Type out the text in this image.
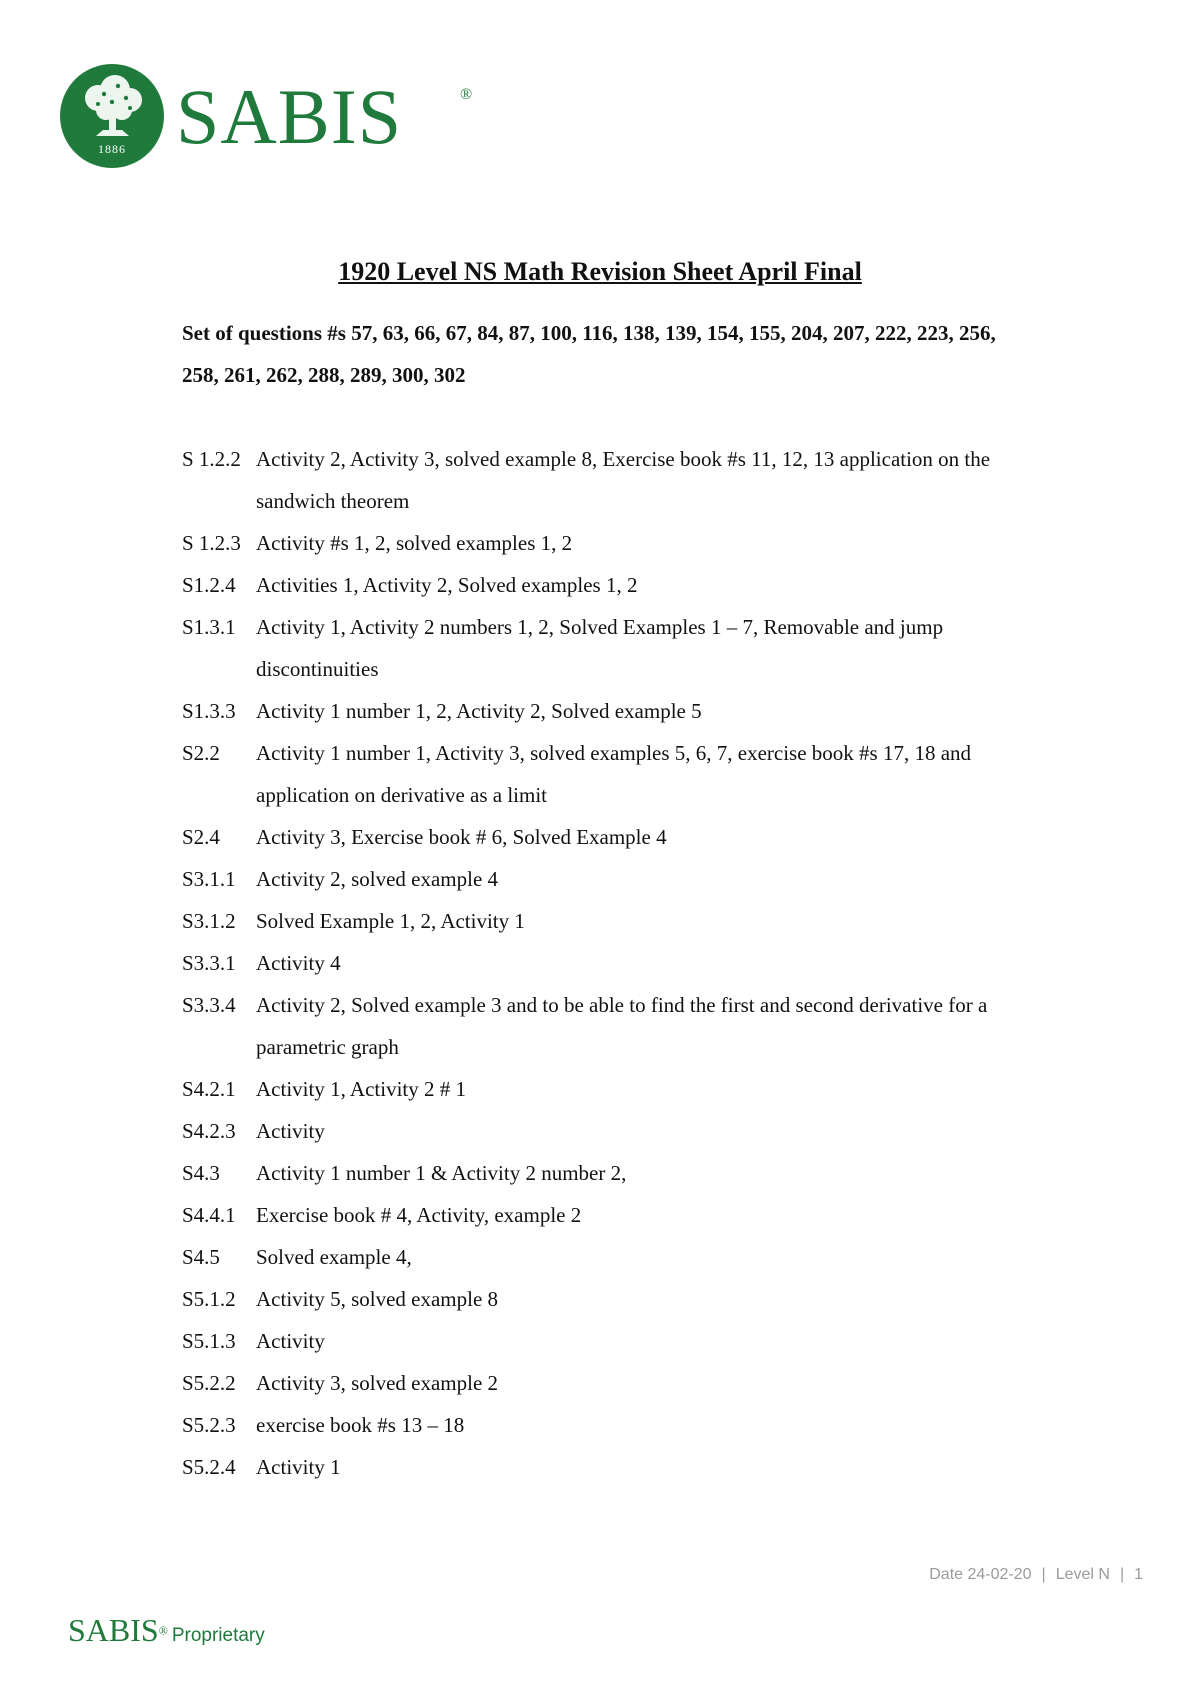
1886 SABIS	®
1920 Level NS Math Revision Sheet April Final
Set of questions #s 57, 63, 66, 67, 84, 87, 100, 116, 138, 139, 154, 155, 204, 207, 222, 223, 256, 258, 261, 262, 288, 289, 300, 302
S 1.2.2 Activity 2, Activity 3, solved example 8, Exercise book #s 11, 12, 13 application on the sandwich theorem
S 1.2.3 Activity #s 1, 2, solved examples 1, 2
S1.2.4 Activities 1, Activity 2, Solved examples 1, 2
S1.3.1 Activity 1, Activity 2 numbers 1, 2, Solved Examples 1 – 7, Removable and jump discontinuities
S1.3.3 Activity 1 number 1, 2, Activity 2, Solved example 5
S2.2	Activity 1 number 1, Activity 3, solved examples 5, 6, 7, exercise book #s 17, 18 and application on derivative as a limit
S2.4	Activity 3, Exercise book # 6, Solved Example 4
S3.1.1 Activity 2, solved example 4
S3.1.2 Solved Example 1, 2, Activity 1
S3.3.1 Activity 4
S3.3.4 Activity 2, Solved example 3 and to be able to find the first and second derivative for a parametric graph
S4.2.1 Activity 1, Activity 2 # 1
S4.2.3 Activity
S4.3	Activity 1 number 1 & Activity 2 number 2,
S4.4.1 Exercise book # 4, Activity, example 2
S4.5	Solved example 4,
S5.1.2 Activity 5, solved example 8
S5.1.3 Activity
S5.2.2 Activity 3, solved example 2
S5.2.3 exercise book #s 13 – 18
S5.2.4 Activity 1
Date 24-02-20 | Level N | 1
SABIS® Proprietary
